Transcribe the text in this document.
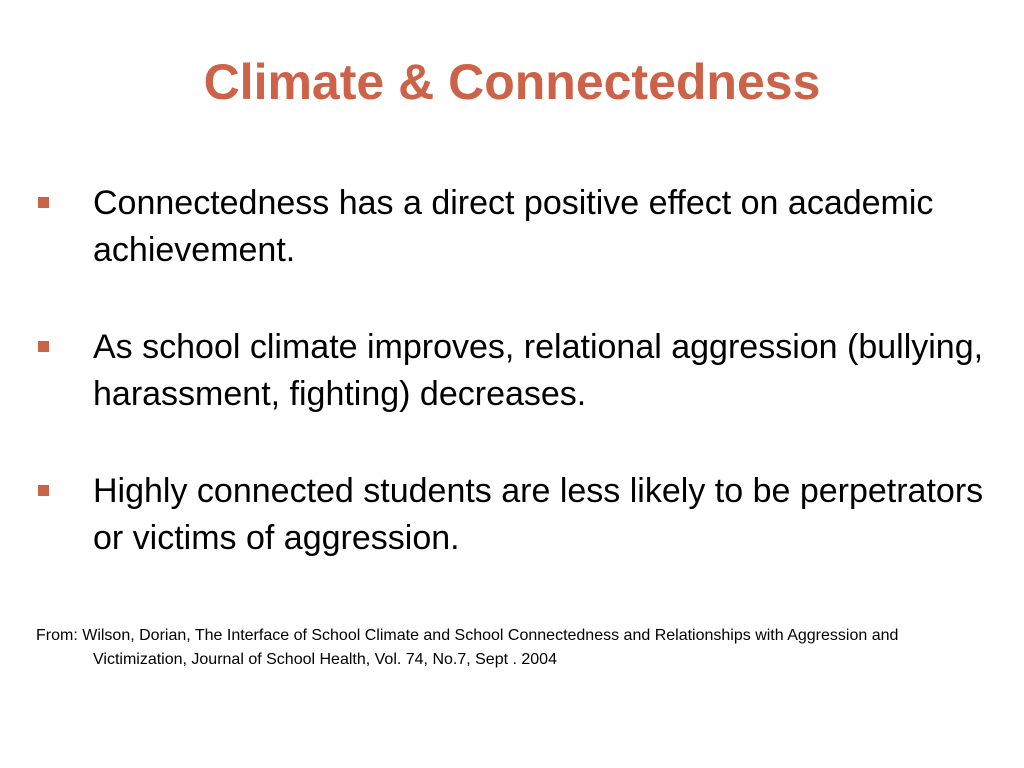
Climate & Connectedness
Connectedness has a direct positive effect on academic achievement.
As school climate improves, relational aggression (bullying, harassment, fighting) decreases.
Highly connected students are less likely to be perpetrators or victims of aggression.
From: Wilson, Dorian, The Interface of School Climate and School Connectedness and Relationships with Aggression and Victimization, Journal of School Health, Vol. 74, No.7, Sept . 2004
